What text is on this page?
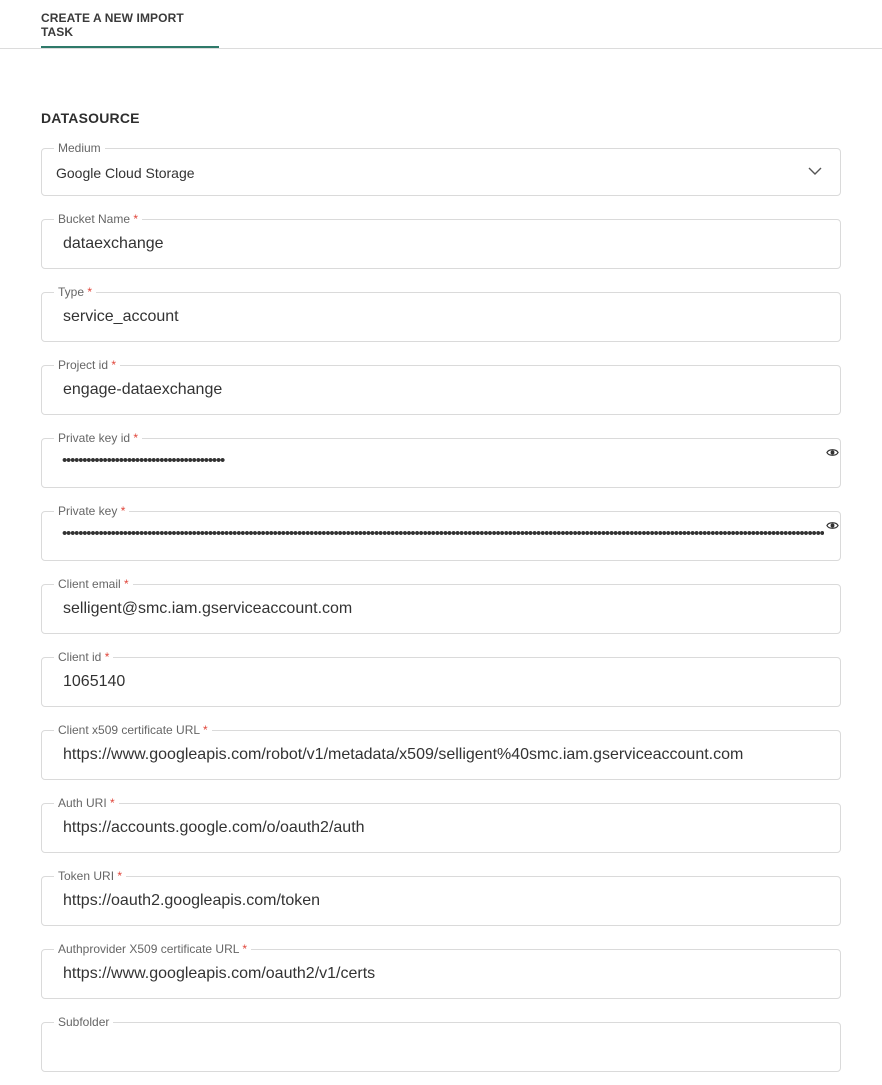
CREATE A NEW IMPORT TASK
DATASOURCE
Medium
Google Cloud Storage
Bucket Name *
dataexchange
Type *
service_account
Project id *
engage-dataexchange
Private key id *
••••••••••••••••••••••••••••••••••••••••
Private key *
••••••••••••••••••••••••••••••••••••••••••••••••••••••••••••••••••••••••••••••••••••••••••••••••••••••••••••••••••••••••••••••••••••••••••••••••••••••••••••••••••••••••••••••••••••••••••••
Client email *
selligent@smc.iam.gserviceaccount.com
Client id *
1065140
Client x509 certificate URL *
https://www.googleapis.com/robot/v1/metadata/x509/selligent%40smc.iam.gserviceaccount.com
Auth URI *
https://accounts.google.com/o/oauth2/auth
Token URI *
https://oauth2.googleapis.com/token
Authprovider X509 certificate URL *
https://www.googleapis.com/oauth2/v1/certs
Subfolder
